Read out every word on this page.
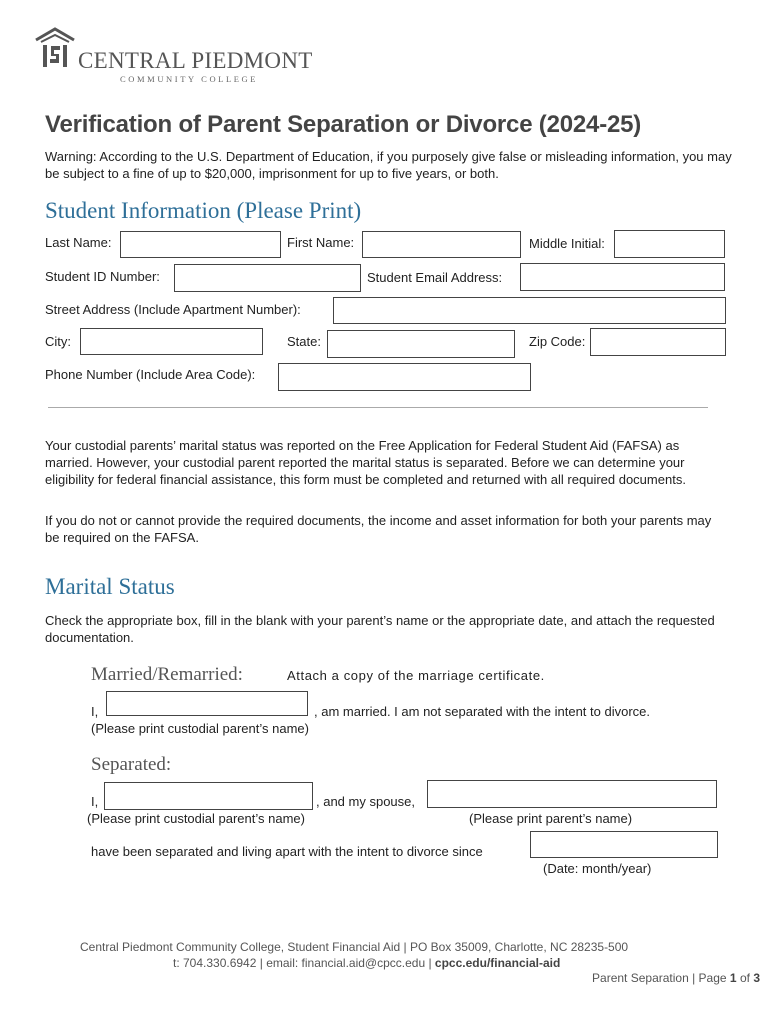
CENTRAL PIEDMONT
COMMUNITY COLLEGE
Verification of Parent Separation or Divorce (2024-25)
Warning: According to the U.S. Department of Education, if you purposely give false or misleading information, you may be subject to a fine of up to $20,000, imprisonment for up to five years, or both.
Student Information (Please Print)
Last Name:	First Name:	Middle Initial:
Student ID Number:	Student Email Address:
Street Address (Include Apartment Number):
City:	State:	Zip Code:
Phone Number (Include Area Code):
Your custodial parents’ marital status was reported on the Free Application for Federal Student Aid (FAFSA) as married. However, your custodial parent reported the marital status is separated. Before we can determine your eligibility for federal financial assistance, this form must be completed and returned with all required documents.
If you do not or cannot provide the required documents, the income and asset information for both your parents may be required on the FAFSA.
Marital Status
Check the appropriate box, fill in the blank with your parent’s name or the appropriate date, and attach the requested documentation.
Married/Remarried:	Attach a copy of the marriage certificate.
I,	, am married. I am not separated with the intent to divorce.
(Please print custodial parent’s name)
Separated:
I,	, and my spouse,
(Please print custodial parent’s name)	(Please print parent’s name)
have been separated and living apart with the intent to divorce since
(Date: month/year)
Central Piedmont Community College, Student Financial Aid | PO Box 35009, Charlotte, NC 28235-500
t: 704.330.6942 | email: financial.aid@cpcc.edu | cpcc.edu/financial-aid
Parent Separation | Page 1 of 3
